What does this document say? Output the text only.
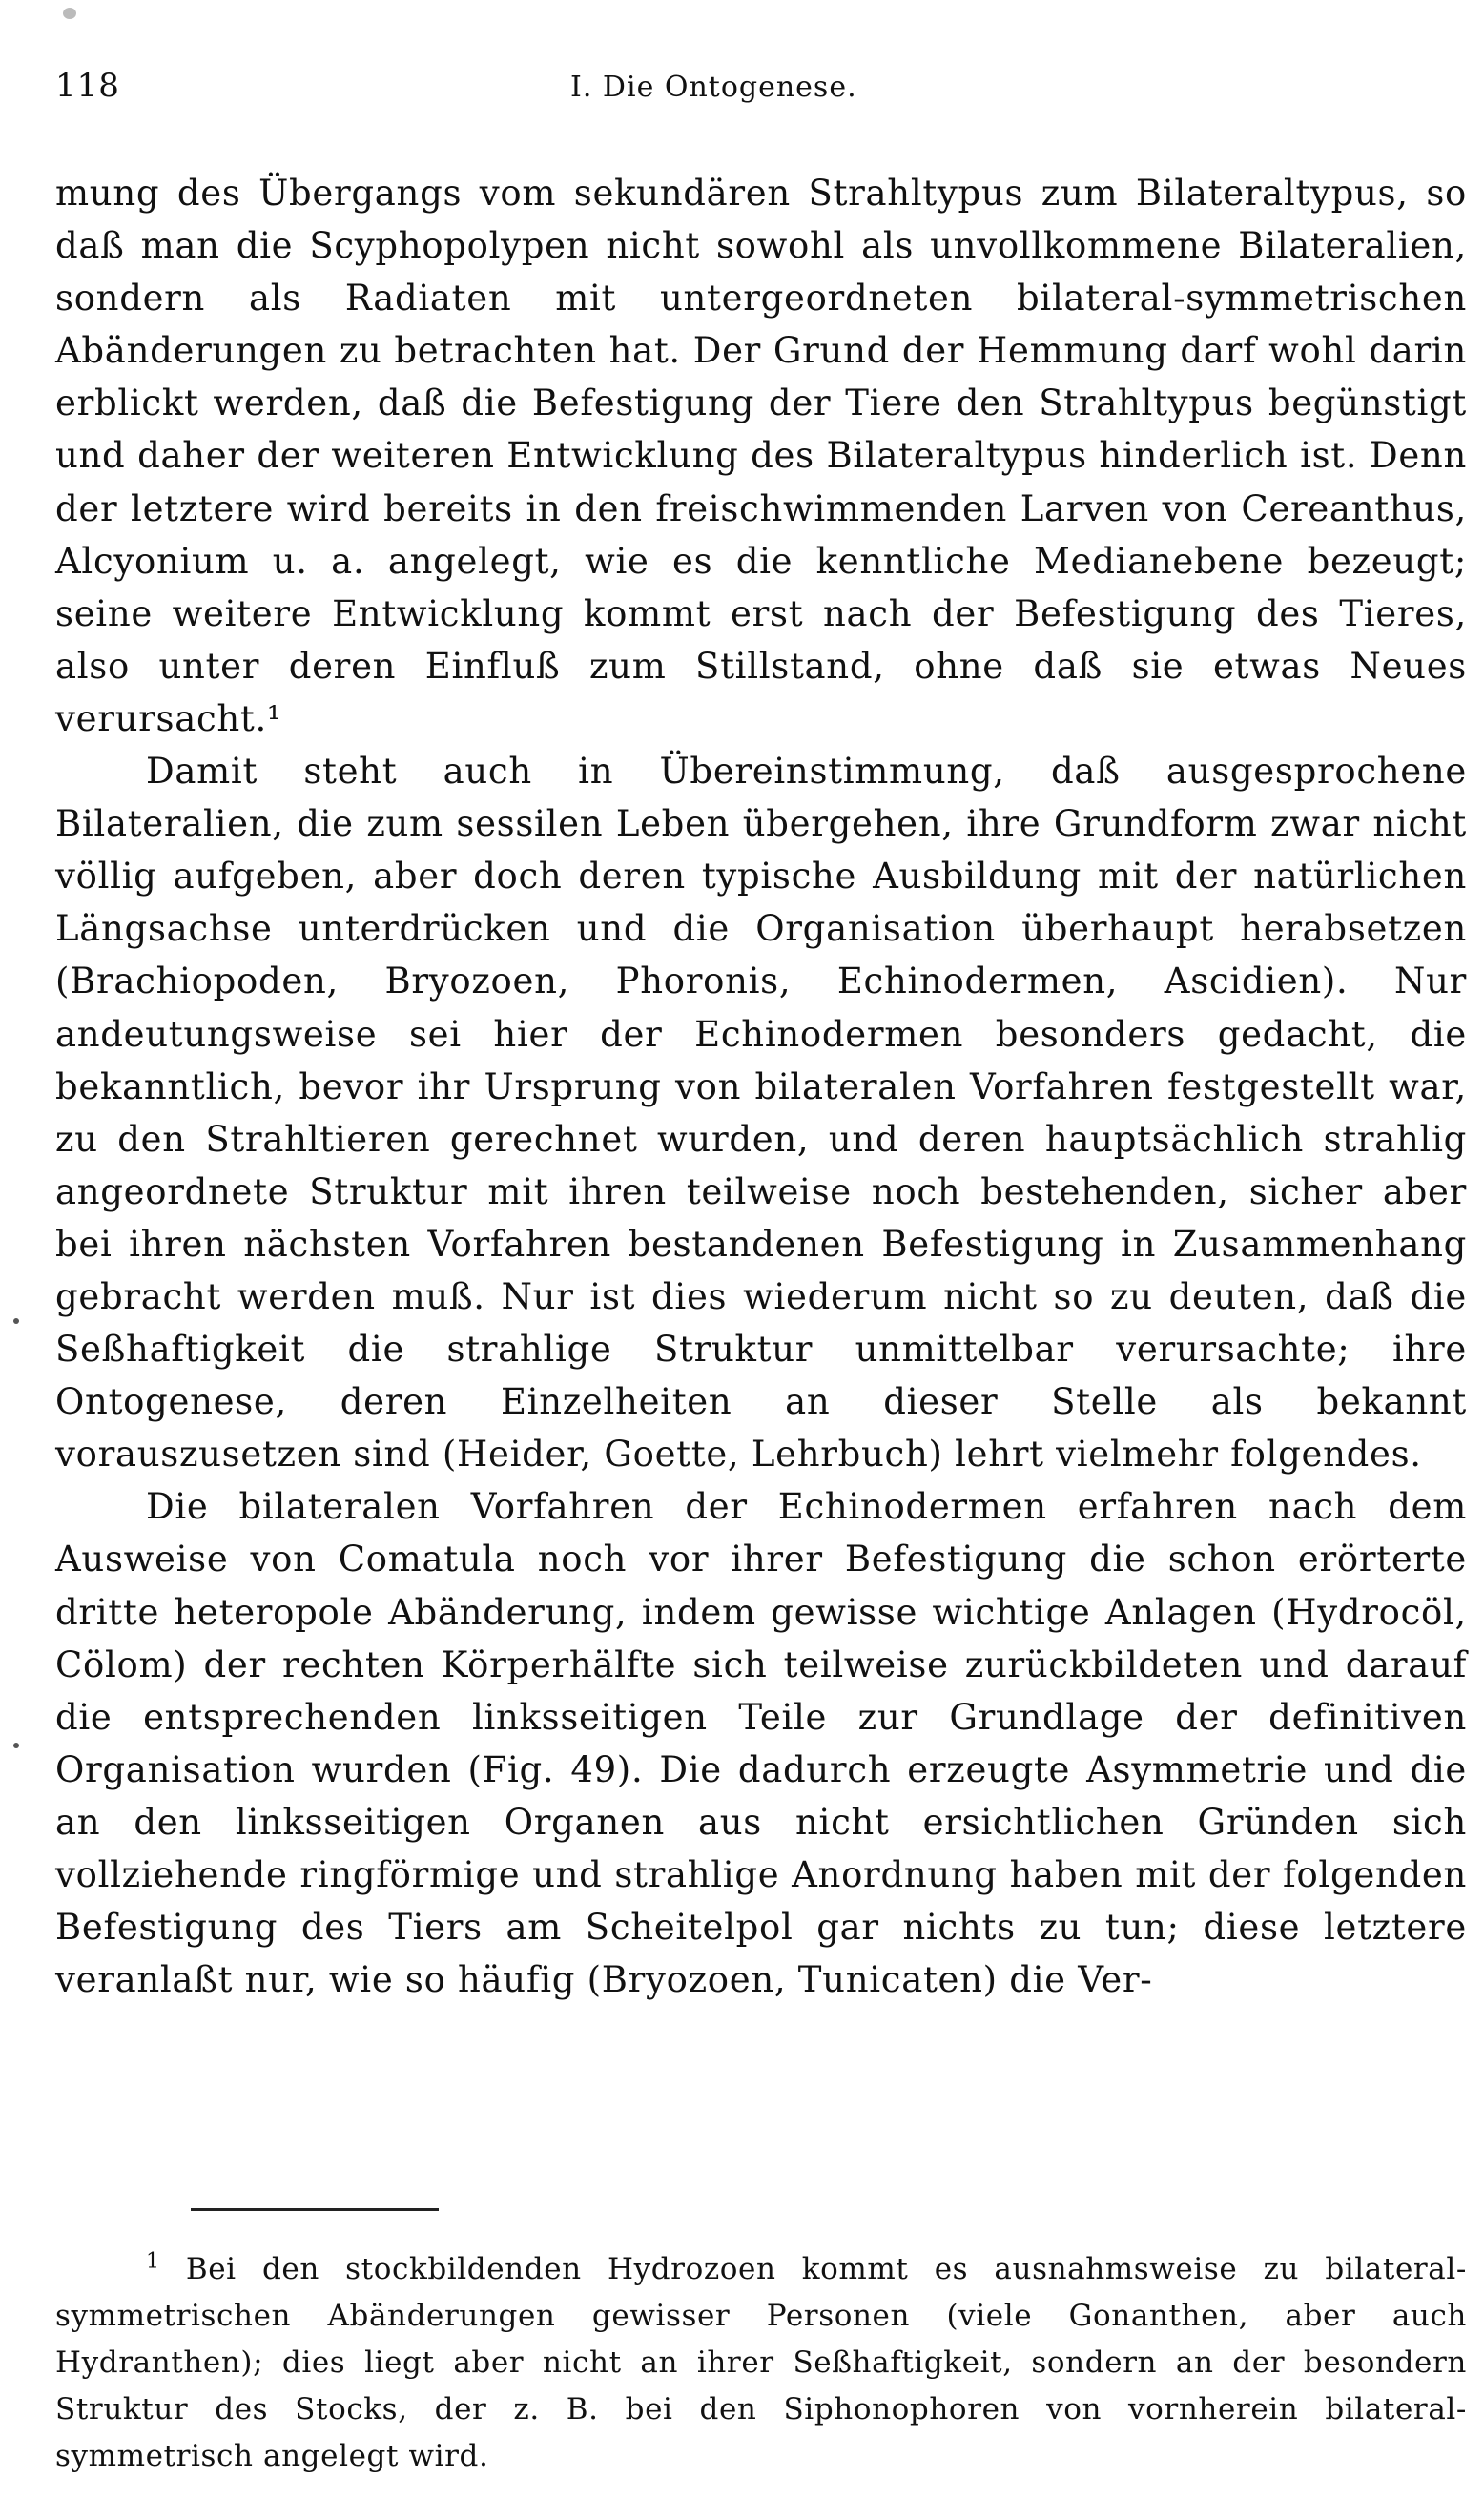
118	I. Die Ontogenese.

mung des Übergangs vom sekundären Strahltypus zum Bilateraltypus, so daß man die Scyphopolypen nicht sowohl als unvollkommene Bilateralien, sondern als Radiaten mit untergeordneten bilateral-symmetrischen Abänderungen zu betrachten hat. Der Grund der Hemmung darf wohl darin erblickt werden, daß die Befestigung der Tiere den Strahltypus begünstigt und daher der weiteren Entwicklung des Bilateraltypus hinderlich ist. Denn der letztere wird bereits in den freischwimmenden Larven von Cereanthus, Alcyonium u. a. angelegt, wie es die kenntliche Medianebene bezeugt; seine weitere Entwicklung kommt erst nach der Befestigung des Tieres, also unter deren Einfluß zum Stillstand, ohne daß sie etwas Neues verursacht.¹

Damit steht auch in Übereinstimmung, daß ausgesprochene Bilateralien, die zum sessilen Leben übergehen, ihre Grundform zwar nicht völlig aufgeben, aber doch deren typische Ausbildung mit der natürlichen Längsachse unterdrücken und die Organisation überhaupt herabsetzen (Brachiopoden, Bryozoen, Phoronis, Echinodermen, Ascidien). Nur andeutungsweise sei hier der Echinodermen besonders gedacht, die bekanntlich, bevor ihr Ursprung von bilateralen Vorfahren festgestellt war, zu den Strahltieren gerechnet wurden, und deren hauptsächlich strahlig angeordnete Struktur mit ihren teilweise noch bestehenden, sicher aber bei ihren nächsten Vorfahren bestandenen Befestigung in Zusammenhang gebracht werden muß. Nur ist dies wiederum nicht so zu deuten, daß die Seßhaftigkeit die strahlige Struktur unmittelbar verursachte; ihre Ontogenese, deren Einzelheiten an dieser Stelle als bekannt vorauszusetzen sind (Heider, Goette, Lehrbuch) lehrt vielmehr folgendes.

Die bilateralen Vorfahren der Echinodermen erfahren nach dem Ausweise von Comatula noch vor ihrer Befestigung die schon erörterte dritte heteropole Abänderung, indem gewisse wichtige Anlagen (Hydrocöl, Cölom) der rechten Körperhälfte sich teilweise zurückbildeten und darauf die entsprechenden linksseitigen Teile zur Grundlage der definitiven Organisation wurden (Fig. 49). Die dadurch erzeugte Asymmetrie und die an den linksseitigen Organen aus nicht ersichtlichen Gründen sich vollziehende ringförmige und strahlige Anordnung haben mit der folgenden Befestigung des Tiers am Scheitelpol gar nichts zu tun; diese letztere veranlaßt nur, wie so häufig (Bryozoen, Tunicaten) die Ver-

$^1$ Bei den stockbildenden Hydrozoen kommt es ausnahmsweise zu bilateral-symmetrischen Abänderungen gewisser Personen (viele Gonanthen, aber auch Hydranthen); dies liegt aber nicht an ihrer Seßhaftigkeit, sondern an der besondern Struktur des Stocks, der z. B. bei den Siphonophoren von vornherein bilateral-symmetrisch angelegt wird.
